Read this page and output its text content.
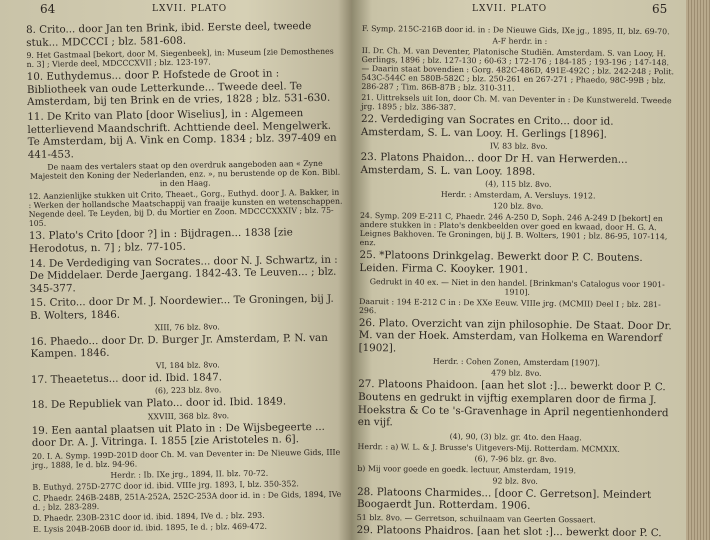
64	LXVII. PLATO
8. Crito... door Jan ten Brink, ibid. Eerste deel, tweede stuk... MDCCCI ; blz. 581-608.
9. Het Gastmaal [bekort, door M. Siegenbeek], in: Museum [zie Demosthenes n. 3] ; Vierde deel, MDCCCXVII ; blz. 123-197.
10. Euthydemus... door P. Hofstede de Groot in : Bibliotheek van oude Letterkunde... Tweede deel. Te Amsterdam, bij ten Brink en de vries, 1828 ; blz. 531-630.
11. De Krito van Plato [door Wiselius], in : Algemeen letterlievend Maandschrift. Achttiende deel. Mengelwerk. Te Amsterdam, bij A. Vink en Comp. 1834 ; blz. 397-409 en 441-453.
De naam des vertalers staat op den overdruk aangeboden aan « Zyne Majesteit den Koning der Nederlanden, enz. », nu berustende op de Kon. Bibl. in den Haag.
12. Aanzienlijke stukken uit Crito, Theaet., Gorg., Euthyd. door J. A. Bakker, in : Werken der hollandsche Maatschappij van fraaije kunsten en wetenschappen. Negende deel. Te Leyden, bij D. du Mortier en Zoon. MDCCCXXXIV ; blz. 75-105.
13. Plato's Crito [door ?] in : Bijdragen... 1838 [zie Herodotus, n. 7] ; blz. 77-105.
14. De Verdediging van Socrates... door N. J. Schwartz, in : De Middelaer. Derde Jaergang. 1842-43. Te Leuven... ; blz. 345-377.
15. Crito... door Dr M. J. Noordewier... Te Groningen, bij J. B. Wolters, 1846.
XIII, 76 blz. 8vo.
16. Phaedo... door Dr. D. Burger Jr. Amsterdam, P. N. van Kampen. 1846.
VI, 184 blz. 8vo.
17. Theaetetus... door id. Ibid. 1847.
(6), 223 blz. 8vo.
18. De Republiek van Plato... door id. Ibid. 1849.
XXVIII, 368 blz. 8vo.
19. Een aantal plaatsen uit Plato in : De Wijsbegeerte ... door Dr. A. J. Vitringa. I. 1855 [zie Aristoteles n. 6].
20. I. A. Symp. 199D-201D door Ch. M. van Deventer in: De Nieuwe Gids, IIIe jrg., 1888, Ie d. blz. 94-96.
Herdr. : Ib. IXe jrg., 1894, II. blz. 70-72.
B. Euthyd. 275D-277C door id. ibid. VIIIe jrg. 1893, I, blz. 350-352.
C. Phaedr. 246B-248B, 251A-252A, 252C-253A door id. in : De Gids, 1894, IVe d. ; blz. 283-289.
D. Phaedr. 230B-231C door id. ibid. 1894, IVe d. ; blz. 293.
E. Lysis 204B-206B door id. ibid. 1895, Ie d. ; blz. 469-472.
LXVII. PLATO	65
F. Symp. 215C-216B door id. in : De Nieuwe Gids, IXe jg., 1895, II, blz. 69-70.
A-F herdr. in :
II. Dr. Ch. M. van Deventer, Platonische Studiën. Amsterdam. S. van Looy, H. Gerlings, 1896 ; blz. 127-130 ; 60-63 ; 172-176 ; 184-185 ; 193-196 ; 147-148. — Daarin staat bovendien : Gorg. 482C-486D, 491E-492C ; blz. 242-248 ; Polit. 543C-544C en 580B-582C ; blz. 250-261 en 267-271 ; Phaedo, 98C-99B ; blz. 286-287 ; Tim. 86B-87B ; blz. 310-311.
21. Uittreksels uit Ion, door Ch. M. van Deventer in : De Kunstwereld. Tweede jrg. 1895 ; blz. 386-387.
22. Verdediging van Socrates en Crito... door id. Amsterdam, S. L. van Looy. H. Gerlings [1896].
IV, 83 blz. 8vo.
23. Platons Phaidon... door Dr H. van Herwerden... Amsterdam, S. L. van Looy. 1898.
(4), 115 blz. 8vo.
Herdr. : Amsterdam, A. Versluys. 1912.
120 blz. 8vo.
24. Symp. 209 E-211 C, Phaedr. 246 A-250 D, Soph. 246 A-249 D [bekort] en andere stukken in : Plato's denkbeelden over goed en kwaad, door H. G. A. Leignes Bakhoven. Te Groningen, bij J. B. Wolters, 1901 ; blz. 86-95, 107-114, enz.
25. *Platoons Drinkgelag. Bewerkt door P. C. Boutens. Leiden. Firma C. Kooyker. 1901.
Gedrukt in 40 ex. — Niet in den handel. [Brinkman's Catalogus voor 1901-1910].
Daaruit : 194 E-212 C in : De XXe Eeuw. VIIIe jrg. (MCMII) Deel I ; blz. 281-296.
26. Plato. Overzicht van zijn philosophie. De Staat. Door Dr. M. van der Hoek. Amsterdam, van Holkema en Warendorf [1902].
Herdr. : Cohen Zonen, Amsterdam [1907].
479 blz. 8vo.
27. Platoons Phaidoon. [aan het slot :]... bewerkt door P. C. Boutens en gedrukt in vijftig exemplaren door de firma J. Hoekstra & Co te 's-Gravenhage in April negentienhonderd en vijf.
(4), 90, (3) blz. gr. 4to. den Haag.
Herdr. : a) W. L. & J. Brusse's Uitgevers-Mij. Rotterdam. MCMXIX.
(6), 7-96 blz. gr. 8vo.
b) Mij voor goede en goedk. lectuur, Amsterdam, 1919.
92 blz. 8vo.
28. Platoons Charmides... [door C. Gerretson]. Meindert Boogaerdt Jun. Rotterdam. 1906.
51 blz. 8vo. — Gerretson, schuilnaam van Geerten Gossaert.
29. Platoons Phaidros. [aan het slot :]... bewerkt door P. C.
